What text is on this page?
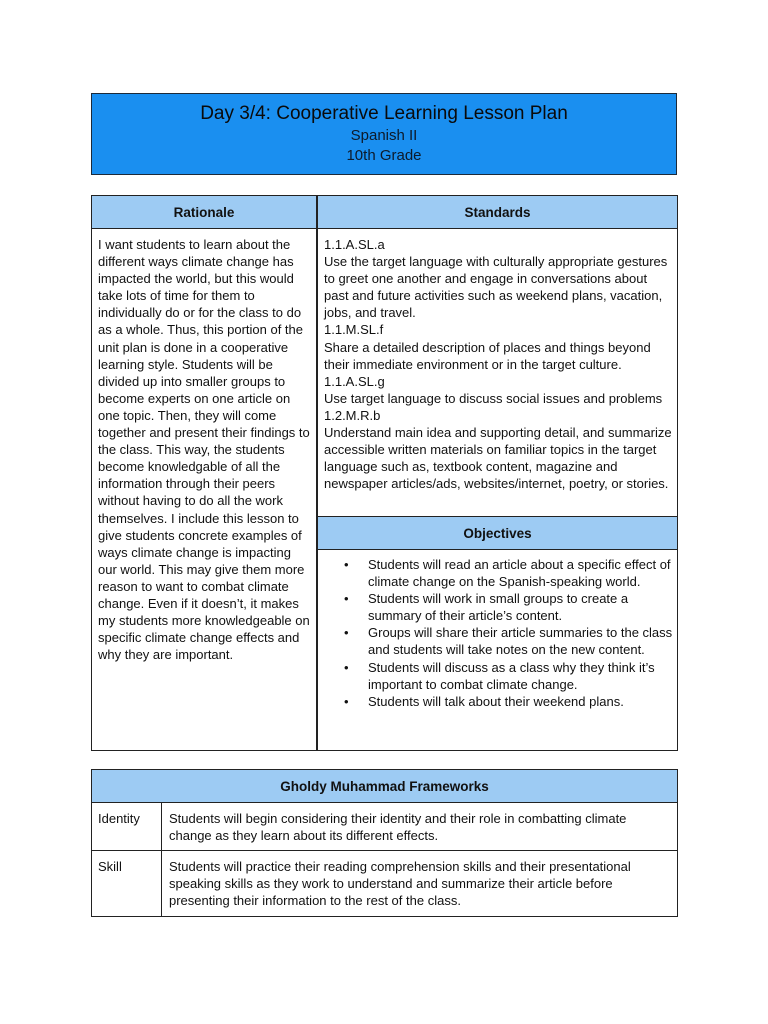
Day 3/4: Cooperative Learning Lesson Plan
Spanish II
10th Grade
Rationale	Standards
I want students to learn about the different ways climate change has impacted the world, but this would take lots of time for them to individually do or for the class to do as a whole. Thus, this portion of the unit plan is done in a cooperative learning style. Students will be divided up into smaller groups to become experts on one article on one topic. Then, they will come together and present their findings to the class. This way, the students become knowledgable of all the information through their peers without having to do all the work themselves. I include this lesson to give students concrete examples of ways climate change is impacting our world. This may give them more reason to want to combat climate change. Even if it doesn’t, it makes my students more knowledgeable on specific climate change effects and why they are important.
1.1.A.SL.a
Use the target language with culturally appropriate gestures to greet one another and engage in conversations about past and future activities such as weekend plans, vacation, jobs, and travel.
1.1.M.SL.f
Share a detailed description of places and things beyond their immediate environment or in the target culture.
1.1.A.SL.g
Use target language to discuss social issues and problems
1.2.M.R.b
Understand main idea and supporting detail, and summarize accessible written materials on familiar topics in the target language such as, textbook content, magazine and newspaper articles/ads, websites/internet, poetry, or stories.
Objectives
• Students will read an article about a specific effect of climate change on the Spanish-speaking world.
• Students will work in small groups to create a summary of their article’s content.
• Groups will share their article summaries to the class and students will take notes on the new content.
• Students will discuss as a class why they think it’s important to combat climate change.
• Students will talk about their weekend plans.
Gholdy Muhammad Frameworks
Identity Students will begin considering their identity and their role in combatting climate change as they learn about its different effects.
Skill	Students will practice their reading comprehension skills and their presentational speaking skills as they work to understand and summarize their article before presenting their information to the rest of the class.
